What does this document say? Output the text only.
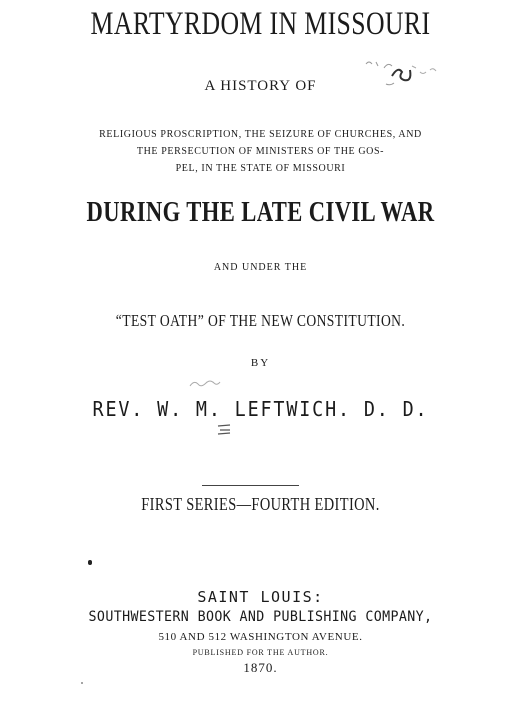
MARTYRDOM IN MISSOURI

A HISTORY OF

RELIGIOUS PROSCRIPTION, THE SEIZURE OF CHURCHES, AND
THE PERSECUTION OF MINISTERS OF THE GOS-
PEL, IN THE STATE OF MISSOURI
DURING THE LATE CIVIL WAR

AND UNDER THE

“TEST OATH” OF THE NEW CONSTITUTION.

BY

REV. W. M. LEFTWICH. D. D.

FIRST SERIES—FOURTH EDITION.

SAINT LOUIS:

SOUTHWESTERN BOOK AND PUBLISHING COMPANY,

510 AND 512 WASHINGTON AVENUE.

PUBLISHED FOR THE AUTHOR.

1870.
